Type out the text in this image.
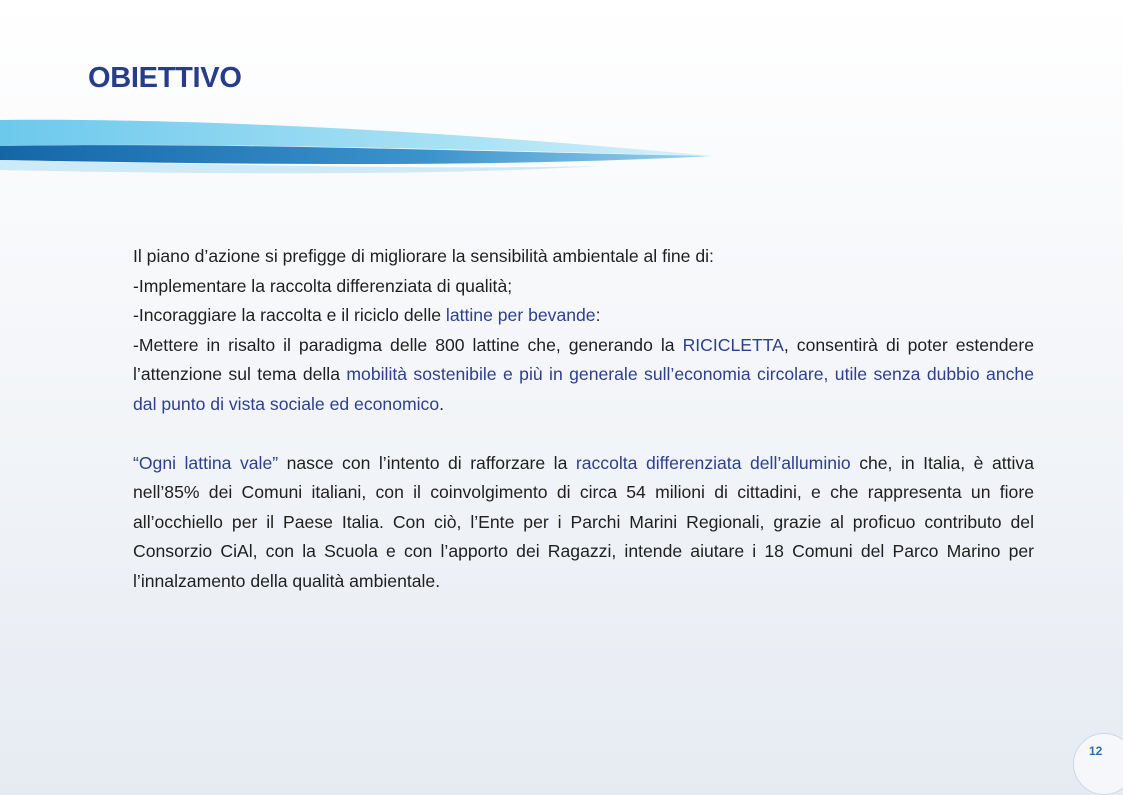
OBIETTIVO

Il piano d’azione si prefigge di migliorare la sensibilità ambientale al fine di:
-Implementare la raccolta differenziata di qualità;
-Incoraggiare la raccolta e il riciclo delle lattine per bevande:
-Mettere in risalto il paradigma delle 800 lattine che, generando la RICICLETTA, consentirà di poter estendere l’attenzione sul tema della mobilità sostenibile e più in generale sull’economia circolare, utile senza dubbio anche dal punto di vista sociale ed economico.

“Ogni lattina vale” nasce con l’intento di rafforzare la raccolta differenziata dell’alluminio che, in Italia, è attiva nell’85% dei Comuni italiani, con il coinvolgimento di circa 54 milioni di cittadini, e che rappresenta un fiore all’occhiello per il Paese Italia. Con ciò, l’Ente per i Parchi Marini Regionali, grazie al proficuo contributo del Consorzio CiAl, con la Scuola e con l’apporto dei Ragazzi, intende aiutare i 18 Comuni del Parco Marino per l’innalzamento della qualità ambientale.

12
